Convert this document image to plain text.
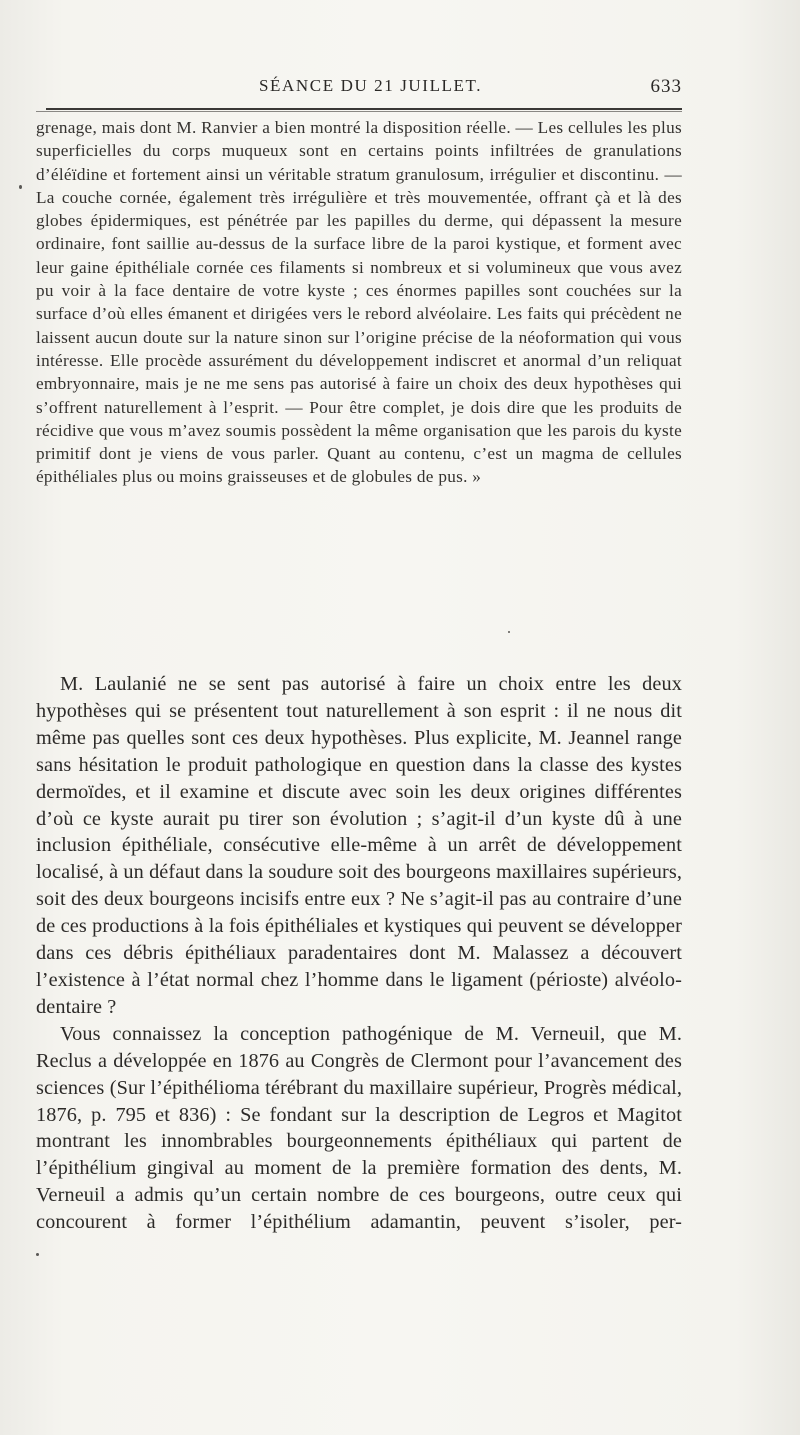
SÉANCE DU 21 JUILLET.	633

grenage, mais dont M. Ranvier a bien montré la disposition réelle. — Les cellules les plus superficielles du corps muqueux sont en certains points infiltrées de granulations d’éléïdine et fortement ainsi un véritable stratum granulosum, irrégulier et discontinu. — La couche cornée, également très irrégulière et très mouvementée, offrant çà et là des globes épidermiques, est pénétrée par les papilles du derme, qui dépassent la mesure ordinaire, font saillie au-dessus de la surface libre de la paroi kystique, et forment avec leur gaine épithéliale cornée ces filaments si nombreux et si volumineux que vous avez pu voir à la face dentaire de votre kyste ; ces énormes papilles sont couchées sur la surface d’où elles émanent et dirigées vers le rebord alvéolaire. Les faits qui précèdent ne laissent aucun doute sur la nature sinon sur l’origine précise de la néoformation qui vous intéresse. Elle procède assurément du développement indiscret et anormal d’un reliquat embryonnaire, mais je ne me sens pas autorisé à faire un choix des deux hypothèses qui s’offrent naturellement à l’esprit. — Pour être complet, je dois dire que les produits de récidive que vous m’avez soumis possèdent la même organisation que les parois du kyste primitif dont je viens de vous parler. Quant au contenu, c’est un magma de cellules épithéliales plus ou moins graisseuses et de globules de pus. »

M. Laulanié ne se sent pas autorisé à faire un choix entre les deux hypothèses qui se présentent tout naturellement à son esprit : il ne nous dit même pas quelles sont ces deux hypothèses. Plus explicite, M. Jeannel range sans hésitation le produit pathologique en question dans la classe des kystes dermoïdes, et il examine et discute avec soin les deux origines différentes d’où ce kyste aurait pu tirer son évolution ; s’agit-il d’un kyste dû à une inclusion épithéliale, consécutive elle-même à un arrêt de développement localisé, à un défaut dans la soudure soit des bourgeons maxillaires supérieurs, soit des deux bourgeons incisifs entre eux ? Ne s’agit-il pas au contraire d’une de ces productions à la fois épithéliales et kystiques qui peuvent se développer dans ces débris épithéliaux paradentaires dont M. Malassez a découvert l’existence à l’état normal chez l’homme dans le ligament (périoste) alvéolo-dentaire ?

Vous connaissez la conception pathogénique de M. Verneuil, que M. Reclus a développée en 1876 au Congrès de Clermont pour l’avancement des sciences (Sur l’épithélioma térébrant du maxillaire supérieur, Progrès médical, 1876, p. 795 et 836) : Se fondant sur la description de Legros et Magitot montrant les innombrables bourgeonnements épithéliaux qui partent de l’épithélium gingival au moment de la première formation des dents, M. Verneuil a admis qu’un certain nombre de ces bourgeons, outre ceux qui concourent à former l’épithélium adamantin, peuvent s’isoler, per-
